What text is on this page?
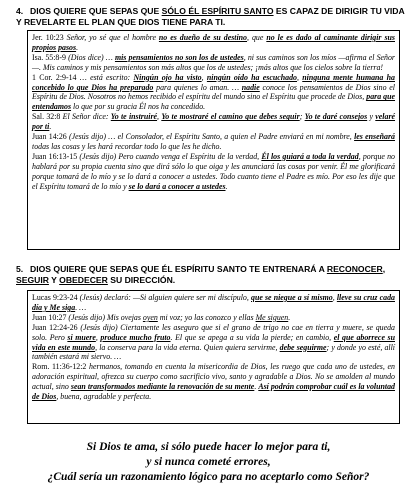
4. DIOS QUIERE QUE SEPAS QUE SÓLO ÉL ESPÍRITU SANTO ES CAPAZ DE DIRIGIR TU VIDA Y REVELARTE EL PLAN QUE DIOS TIENE PARA TI.

Jer. 10:23 Señor, yo sé que el hombre no es dueño de su destino, que no le es dado al caminante dirigir sus propios pasos.

Isa. 55:8-9 (Dios dice) … mis pensamientos no son los de ustedes, ni sus caminos son los míos —afirma el Señor—. Mis caminos y mis pensamientos son más altos que los de ustedes; ¡más altos que los cielos sobre la tierra!

1 Cor. 2:9-14 … está escrito: Ningún ojo ha visto, ningún oído ha escuchado, ninguna mente humana ha concebido lo que Dios ha preparado para quienes lo aman. … nadie conoce los pensamientos de Dios sino el Espíritu de Dios. Nosotros no hemos recibido el espíritu del mundo sino el Espíritu que procede de Dios, para que entendamos lo que por su gracia Él nos ha concedido.

Sal. 32:8 El Señor dice: Yo te instruiré, Yo te mostraré el camino que debes seguir; Yo te daré consejos y velaré por ti.

Juan 14:26 (Jesús dijo) … el Consolador, el Espíritu Santo, a quien el Padre enviará en mi nombre, les enseñará todas las cosas y les hará recordar todo lo que les he dicho.

Juan 16:13-15 (Jesús dijo) Pero cuando venga el Espíritu de la verdad, Él los guiará a toda la verdad, porque no hablará por su propia cuenta sino que dirá sólo lo que oiga y les anunciará las cosas por venir. Él me glorificará porque tomará de lo mío y se lo dará a conocer a ustedes. Todo cuanto tiene el Padre es mío. Por eso les dije que el Espíritu tomará de lo mío y se lo dará a conocer a ustedes.

5. DIOS QUIERE QUE SEPAS QUE ÉL ESPÍRITU SANTO TE ENTRENARÁ A RECONOCER, SEGUIR Y OBEDECER SU DIRECCIÓN.

Lucas 9:23-24 (Jesús) declaró: —Si alguien quiere ser mi discípulo, que se niegue a sí mismo, lleve su cruz cada día y Me siga. …

Juan 10:27 (Jesús dijo) Mis ovejas oyen mi voz; yo las conozco y ellas Me siguen.

Juan 12:24-26 (Jesús dijo) Ciertamente les aseguro que si el grano de trigo no cae en tierra y muere, se queda solo. Pero si muere, produce mucho fruto. El que se apega a su vida la pierde; en cambio, el que aborrece su vida en este mundo, la conserva para la vida eterna. Quien quiera servirme, debe seguirme; y donde yo esté, allí también estará mi siervo. …

Rom. 11:36-12:2 hermanos, tomando en cuenta la misericordia de Dios, les ruego que cada uno de ustedes, en adoración espiritual, ofrezca su cuerpo como sacrificio vivo, santo y agradable a Dios. No se amolden al mundo actual, sino sean transformados mediante la renovación de su mente. Así podrán comprobar cuál es la voluntad de Dios, buena, agradable y perfecta.

Si Dios te ama, si sólo puede hacer lo mejor para ti,
y si nunca cometé errores,
¿Cuál sería un razonamiento lógico para no aceptarlo como Señor?
